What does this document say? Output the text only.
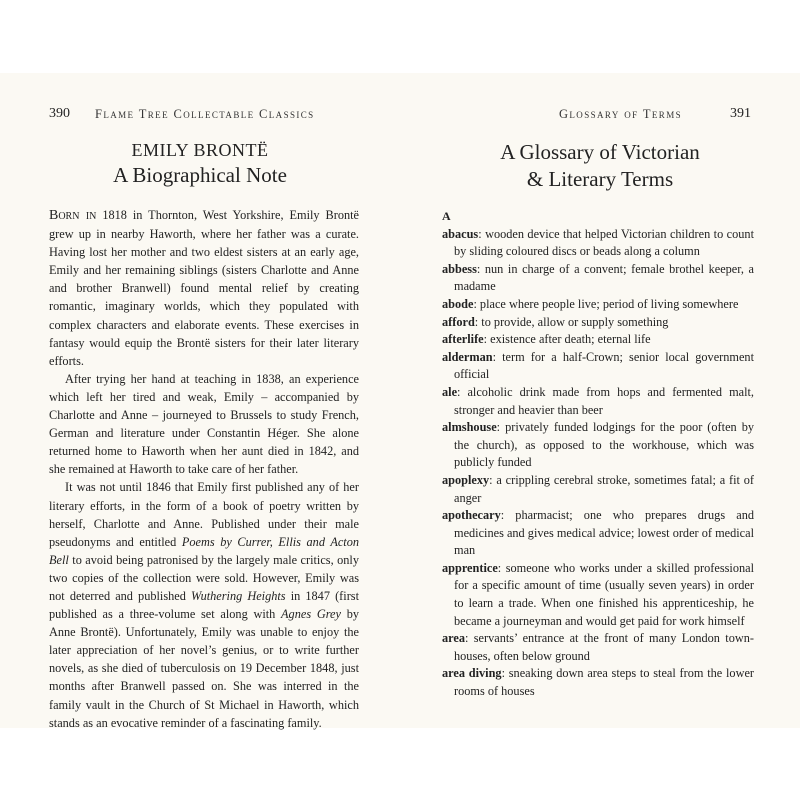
390 Flame Tree Collectable Classics
EMILY BRONTË
A Biographical Note

Born in 1818 in Thornton, West Yorkshire, Emily Brontë grew up in nearby Haworth, where her father was a curate. Having lost her mother and two eldest sisters at an early age, Emily and her remaining siblings (sisters Charlotte and Anne and brother Branwell) found mental relief by creating romantic, imaginary worlds, which they populated with complex characters and elaborate events. These exercises in fantasy would equip the Brontë sisters for their later literary efforts.

After trying her hand at teaching in 1838, an experience which left her tired and weak, Emily – accompanied by Charlotte and Anne – journeyed to Brussels to study French, German and literature under Constantin Héger. She alone returned home to Haworth when her aunt died in 1842, and she remained at Haworth to take care of her father.

It was not until 1846 that Emily first published any of her literary efforts, in the form of a book of poetry written by herself, Charlotte and Anne. Published under their male pseudonyms and entitled Poems by Currer, Ellis and Acton Bell to avoid being patronised by the largely male critics, only two copies of the collection were sold. However, Emily was not deterred and published Wuthering Heights in 1847 (first published as a three-volume set along with Agnes Grey by Anne Brontë). Unfortunately, Emily was unable to enjoy the later appreciation of her novel’s genius, or to write further novels, as she died of tuberculosis on 19 December 1848, just months after Branwell passed on. She was interred in the family vault in the Church of St Michael in Haworth, which stands as an evocative reminder of a fascinating family.

Glossary of Terms	391
A Glossary of Victorian
& Literary Terms
A

abacus: wooden device that helped Victorian children to count by sliding coloured discs or beads along a column

abbess: nun in charge of a convent; female brothel keeper, a madame

abode: place where people live; period of living somewhere

afford: to provide, allow or supply something

afterlife: existence after death; eternal life

alderman: term for a half-Crown; senior local government official

ale: alcoholic drink made from hops and fermented malt, stronger and heavier than beer

almshouse: privately funded lodgings for the poor (often by the church), as opposed to the workhouse, which was publicly funded

apoplexy: a crippling cerebral stroke, sometimes fatal; a fit of anger

apothecary: pharmacist; one who prepares drugs and medicines and gives medical advice; lowest order of medical man

apprentice: someone who works under a skilled professional for a specific amount of time (usually seven years) in order to learn a trade. When one finished his apprenticeship, he became a journeyman and would get paid for work himself

area: servants’ entrance at the front of many London town-houses, often below ground

area diving: sneaking down area steps to steal from the lower rooms of houses
